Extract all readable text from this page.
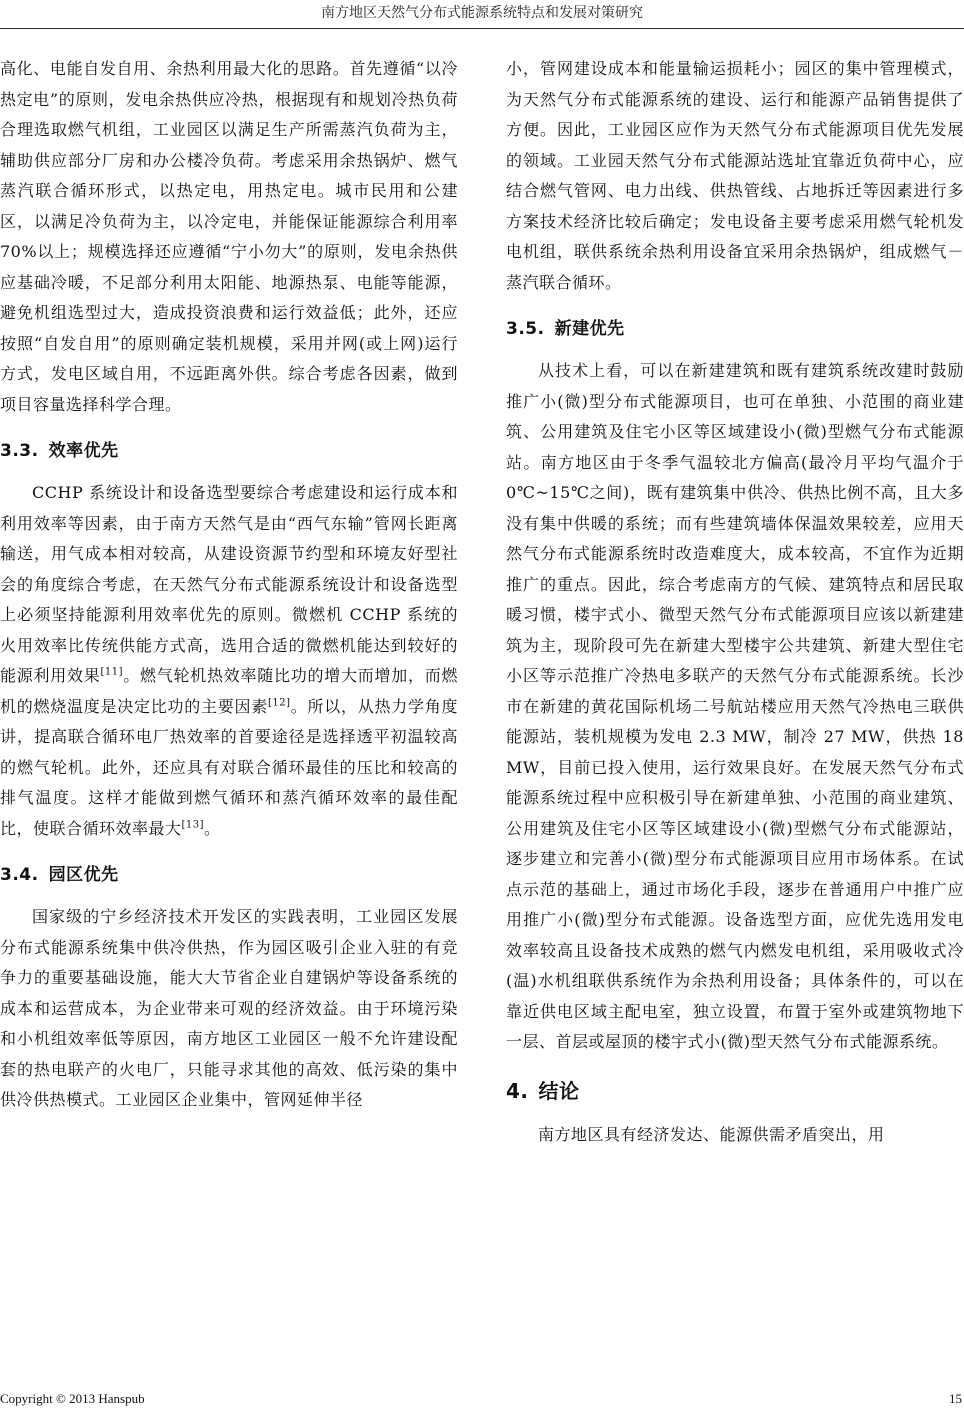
南方地区天然气分布式能源系统特点和发展对策研究

高化、电能自发自用、余热利用最大化的思路。首先遵循“以冷热定电”的原则，发电余热供应冷热，根据现有和规划冷热负荷合理选取燃气机组，工业园区以满足生产所需蒸汽负荷为主，辅助供应部分厂房和办公楼冷负荷。考虑采用余热锅炉、燃气蒸汽联合循环形式，以热定电，用热定电。城市民用和公建区，以满足冷负荷为主，以冷定电，并能保证能源综合利用率 70%以上；规模选择还应遵循“宁小勿大”的原则，发电余热供应基础冷暖，不足部分利用太阳能、地源热泵、电能等能源，避免机组选型过大，造成投资浪费和运行效益低；此外，还应按照“自发自用”的原则确定装机规模，采用并网(或上网)运行方式，发电区域自用，不远距离外供。综合考虑各因素，做到项目容量选择科学合理。

3.3. 效率优先

CCHP 系统设计和设备选型要综合考虑建设和运行成本和利用效率等因素，由于南方天然气是由“西气东输”管网长距离输送，用气成本相对较高，从建设资源节约型和环境友好型社会的角度综合考虑，在天然气分布式能源系统设计和设备选型上必须坚持能源利用效率优先的原则。微燃机 CCHP 系统的火用效率比传统供能方式高，选用合适的微燃机能达到较好的能源利用效果[11]。燃气轮机热效率随比功的增大而增加，而燃机的燃烧温度是决定比功的主要因素[12]。所以，从热力学角度讲，提高联合循环电厂热效率的首要途径是选择透平初温较高的燃气轮机。此外，还应具有对联合循环最佳的压比和较高的排气温度。这样才能做到燃气循环和蒸汽循环效率的最佳配比，使联合循环效率最大[13]。

3.4. 园区优先

国家级的宁乡经济技术开发区的实践表明，工业园区发展分布式能源系统集中供冷供热，作为园区吸引企业入驻的有竞争力的重要基础设施，能大大节省企业自建锅炉等设备系统的成本和运营成本，为企业带来可观的经济效益。由于环境污染和小机组效率低等原因，南方地区工业园区一般不允许建设配套的热电联产的火电厂，只能寻求其他的高效、低污染的集中供冷供热模式。工业园区企业集中，管网延伸半径

小，管网建设成本和能量输运损耗小；园区的集中管理模式，为天然气分布式能源系统的建设、运行和能源产品销售提供了方便。因此，工业园区应作为天然气分布式能源项目优先发展的领域。工业园天然气分布式能源站选址宜靠近负荷中心，应结合燃气管网、电力出线、供热管线、占地拆迁等因素进行多方案技术经济比较后确定；发电设备主要考虑采用燃气轮机发电机组，联供系统余热利用设备宜采用余热锅炉，组成燃气－蒸汽联合循环。

3.5. 新建优先

从技术上看，可以在新建建筑和既有建筑系统改建时鼓励推广小(微)型分布式能源项目，也可在单独、小范围的商业建筑、公用建筑及住宅小区等区域建设小(微)型燃气分布式能源站。南方地区由于冬季气温较北方偏高(最冷月平均气温介于 0℃~15℃之间)，既有建筑集中供冷、供热比例不高，且大多没有集中供暖的系统；而有些建筑墙体保温效果较差，应用天然气分布式能源系统时改造难度大，成本较高，不宜作为近期推广的重点。因此，综合考虑南方的气候、建筑特点和居民取暖习惯，楼宇式小、微型天然气分布式能源项目应该以新建建筑为主，现阶段可先在新建大型楼宇公共建筑、新建大型住宅小区等示范推广冷热电多联产的天然气分布式能源系统。长沙市在新建的黄花国际机场二号航站楼应用天然气冷热电三联供能源站，装机规模为发电 2.3 MW，制冷 27 MW，供热 18 MW，目前已投入使用，运行效果良好。在发展天然气分布式能源系统过程中应积极引导在新建单独、小范围的商业建筑、公用建筑及住宅小区等区域建设小(微)型燃气分布式能源站，逐步建立和完善小(微)型分布式能源项目应用市场体系。在试点示范的基础上，通过市场化手段，逐步在普通用户中推广应用推广小(微)型分布式能源。设备选型方面，应优先选用发电效率较高且设备技术成熟的燃气内燃发电机组，采用吸收式冷(温)水机组联供系统作为余热利用设备；具体条件的，可以在靠近供电区域主配电室，独立设置，布置于室外或建筑物地下一层、首层或屋顶的楼宇式小(微)型天然气分布式能源系统。

4. 结论

南方地区具有经济发达、能源供需矛盾突出，用

Copyright © 2013 Hanspub	15
